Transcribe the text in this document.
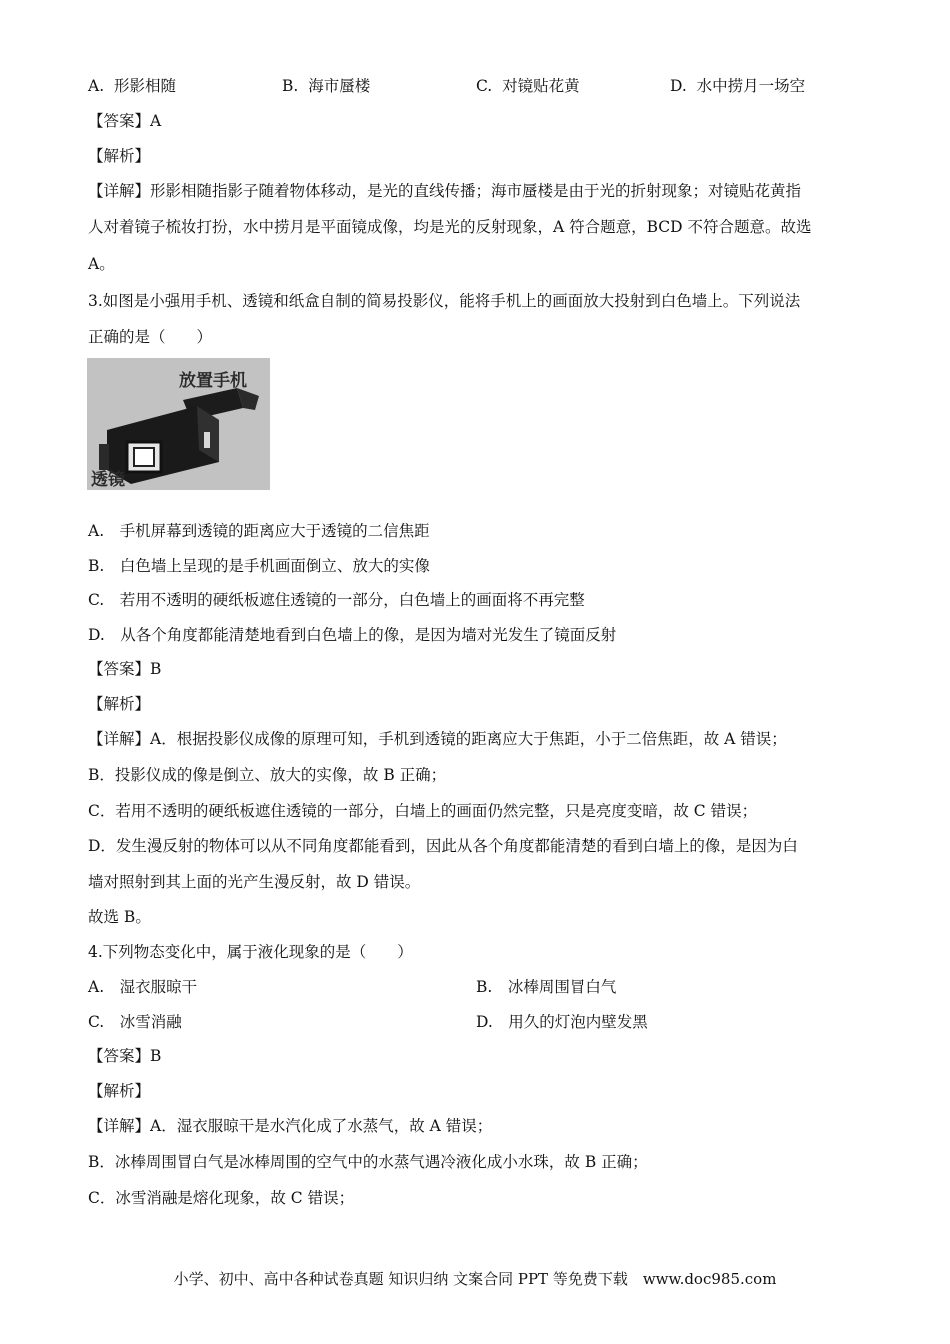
A. 形影相随	B. 海市蜃楼	C. 对镜贴花黄	D. 水中捞月一场空
【答案】A
【解析】
【详解】形影相随指影子随着物体移动，是光的直线传播；海市蜃楼是由于光的折射现象；对镜贴花黄指
人对着镜子梳妆打扮，水中捞月是平面镜成像，均是光的反射现象，A 符合题意，BCD 不符合题意。故选
A。
3.如图是小强用手机、透镜和纸盒自制的简易投影仪，能将手机上的画面放大投射到白色墙上。下列说法
正确的是（　　）
放置手机
透镜
A.　手机屏幕到透镜的距离应大于透镜的二信焦距
B.　白色墙上呈现的是手机画面倒立、放大的实像
C.　若用不透明的硬纸板遮住透镜的一部分，白色墙上的画面将不再完整
D.　从各个角度都能清楚地看到白色墙上的像，是因为墙对光发生了镜面反射
【答案】B
【解析】
【详解】A．根据投影仪成像的原理可知，手机到透镜的距离应大于焦距，小于二倍焦距，故 A 错误；
B．投影仪成的像是倒立、放大的实像，故 B 正确；
C．若用不透明的硬纸板遮住透镜的一部分，白墙上的画面仍然完整，只是亮度变暗，故 C 错误；
D．发生漫反射的物体可以从不同角度都能看到，因此从各个角度都能清楚的看到白墙上的像，是因为白
墙对照射到其上面的光产生漫反射，故 D 错误。
故选 B。
4.下列物态变化中，属于液化现象的是（　　）
A.　湿衣服晾干	B.　冰棒周围冒白气
C.　冰雪消融	D.　用久的灯泡内壁发黑
【答案】B
【解析】
【详解】A．湿衣服晾干是水汽化成了水蒸气，故 A 错误；
B．冰棒周围冒白气是冰棒周围的空气中的水蒸气遇冷液化成小水珠，故 B 正确；
C．冰雪消融是熔化现象，故 C 错误；
小学、初中、高中各种试卷真题 知识归纳 文案合同 PPT 等免费下载　www.doc985.com
